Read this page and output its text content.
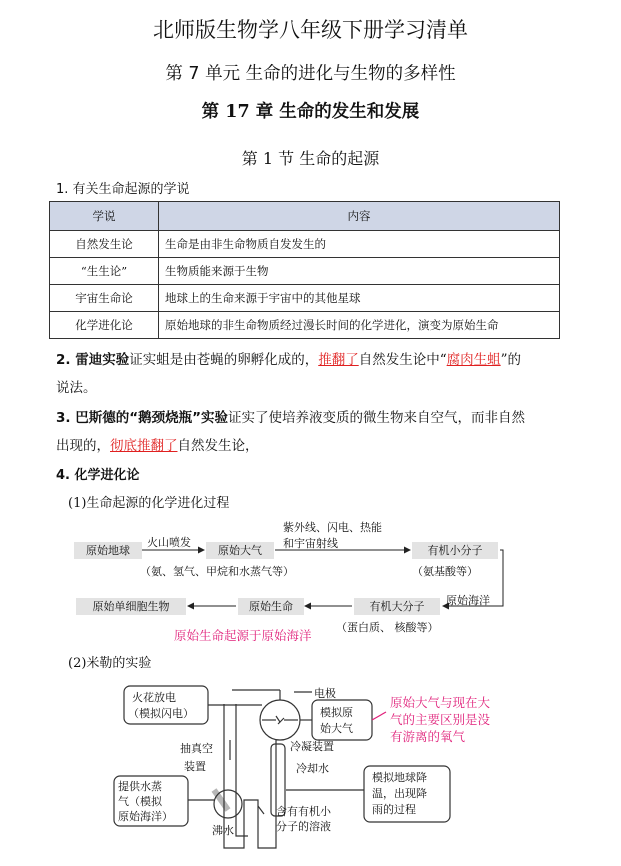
北师版生物学八年级下册学习清单
第 7 单元 生命的进化与生物的多样性
第 17 章 生命的发生和发展
第 1 节 生命的起源
1. 有关生命起源的学说
学说	内容
自然发生论	生命是由非生命物质自发发生的
“生生论”	生物质能来源于生物
宇宙生命论	地球上的生命来源于宇宙中的其他星球
化学进化论	原始地球的非生命物质经过漫长时间的化学进化，演变为原始生命
2. 雷迪实验证实蛆是由苍蝇的卵孵化成的，推翻了自然发生论中“腐肉生蛆”的
说法。
3. 巴斯德的“鹅颈烧瓶”实验证实了使培养液变质的微生物来自空气，而非自然
出现的，彻底推翻了自然发生论，
4. 化学进化论
(1)生命起源的化学进化过程
原始地球
火山喷发
原始大气
（氨、氢气、甲烷和水蒸气等）
紫外线、闪电、热能
和宇宙射线
有机小分子
（氨基酸等）
原始海洋
有机大分子
（蛋白质、 核酸等）
原始生命
原始单细胞生物
原始生命起源于原始海洋
(2)米勒的实验
火花放电
（模拟闪电）
电极
模拟原
始大气
原始大气与现在大
气的主要区别是没
有游离的氧气
抽真空
装置
冷凝装置
冷却水
提供水蒸
气（模拟
原始海洋）
沸水
含有有机小
分子的溶液
模拟地球降
温，出现降
雨的过程
